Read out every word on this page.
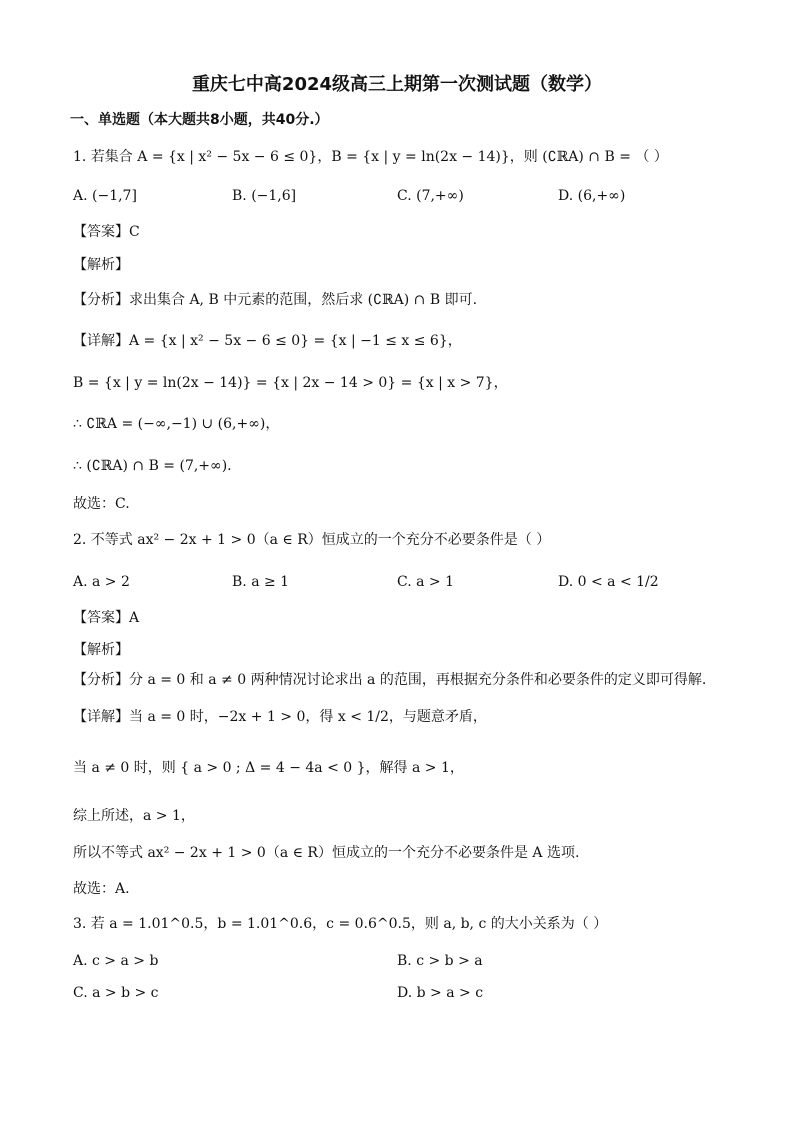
重庆七中高2024级高三上期第一次测试题（数学）
一、单选题（本大题共8小题，共40分.）
1. 若集合 A = {x | x² − 5x − 6 ≤ 0}，B = {x | y = ln(2x − 14)}，则 (∁ℝA) ∩ B = （ ）
A. (−1,7]	B. (−1,6]	C. (7,+∞)	D. (6,+∞)
【答案】C
【解析】
【分析】求出集合 A, B 中元素的范围，然后求 (∁ℝA) ∩ B 即可.
【详解】A = {x | x² − 5x − 6 ≤ 0} = {x | −1 ≤ x ≤ 6}，
B = {x | y = ln(2x − 14)} = {x | 2x − 14 > 0} = {x | x > 7}，
∴ ∁ℝA = (−∞,−1) ∪ (6,+∞)，
∴ (∁ℝA) ∩ B = (7,+∞).
故选：C.
2. 不等式 ax² − 2x + 1 > 0（a ∈ R）恒成立的一个充分不必要条件是（ ）
A. a > 2	B. a ≥ 1	C. a > 1	D. 0 < a < 1/2
【答案】A
【解析】
【分析】分 a = 0 和 a ≠ 0 两种情况讨论求出 a 的范围，再根据充分条件和必要条件的定义即可得解.
【详解】当 a = 0 时，−2x + 1 > 0，得 x < 1/2，与题意矛盾，
当 a ≠ 0 时，则 { a > 0 ; Δ = 4 − 4a < 0 }，解得 a > 1，
综上所述，a > 1，
所以不等式 ax² − 2x + 1 > 0（a ∈ R）恒成立的一个充分不必要条件是 A 选项.
故选：A.
3. 若 a = 1.01^0.5，b = 1.01^0.6，c = 0.6^0.5，则 a, b, c 的大小关系为（ ）
A. c > a > b	B. c > b > a
C. a > b > c	D. b > a > c
